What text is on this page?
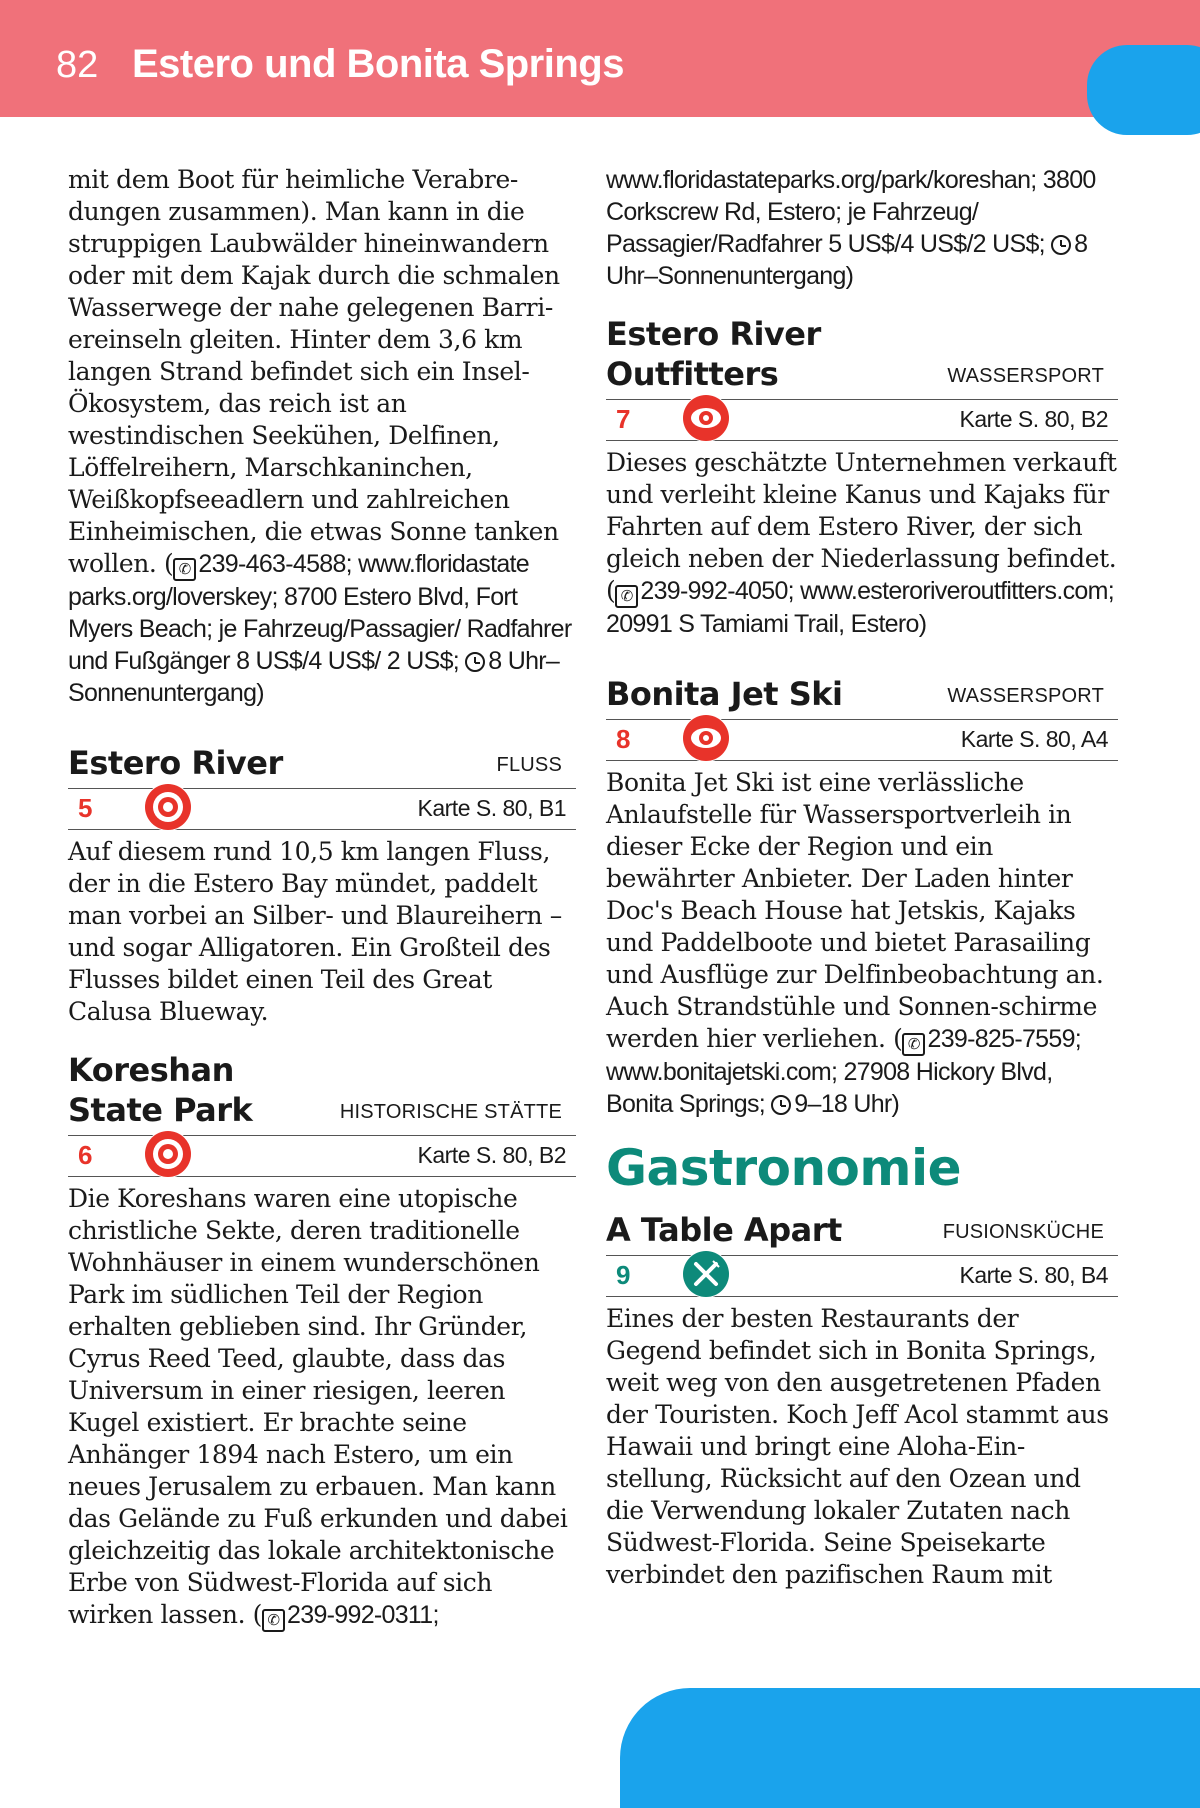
82 Estero und Bonita Springs

mit dem Boot für heimliche Verabre-dungen zusammen). Man kann in die struppigen Laubwälder hineinwandern oder mit dem Kajak durch die schmalen Wasserwege der nahe gelegenen Barri-ereinseln gleiten. Hinter dem 3,6 km langen Strand befindet sich ein Insel-Ökosystem, das reich ist an westindischen Seekühen, Delfinen, Löffelreihern, Marschkaninchen, Weißkopfseeadlern und zahlreichen Einheimischen, die etwas Sonne tanken wollen. ( ✆ 239-463-4588; www.floridastate parks.org/loverskey; 8700 Estero Blvd, Fort Myers Beach; je Fahrzeug/Passagier/ Radfahrer und Fußgänger 8 US$/4 US$/ 2 US$; 8 Uhr–Sonnenuntergang)

Estero River	FLUSS
5	Karte S. 80, B1

Auf diesem rund 10,5 km langen Fluss, der in die Estero Bay mündet, paddelt man vorbei an Silber- und Blaureihern – und sogar Alligatoren. Ein Großteil des Flusses bildet einen Teil des Great Calusa Blueway.

Koreshan
State Park	HISTORISCHE STÄTTE
6	Karte S. 80, B2

Die Koreshans waren eine utopische christliche Sekte, deren traditionelle Wohnhäuser in einem wunderschönen Park im südlichen Teil der Region erhalten geblieben sind. Ihr Gründer, Cyrus Reed Teed, glaubte, dass das Universum in einer riesigen, leeren Kugel existiert. Er brachte seine Anhänger 1894 nach Estero, um ein neues Jerusalem zu erbauen. Man kann das Gelände zu Fuß erkunden und dabei gleichzeitig das lokale architektonische Erbe von Südwest-Florida auf sich wirken lassen. ( ✆ 239-992-0311;

www.floridastateparks.org/park/koreshan; 3800 Corkscrew Rd, Estero; je Fahrzeug/ Passagier/Radfahrer 5 US$/4 US$/2 US$; 8 Uhr–Sonnenuntergang)

Estero River
Outfitters	WASSERSPORT
7	Karte S. 80, B2

Dieses geschätzte Unternehmen verkauft und verleiht kleine Kanus und Kajaks für Fahrten auf dem Estero River, der sich gleich neben der Niederlassung befindet. ( ✆ 239-992-4050; www.esteroriveroutfitters.com; 20991 S Tamiami Trail, Estero)

Bonita Jet Ski	WASSERSPORT
8	Karte S. 80, A4

Bonita Jet Ski ist eine verlässliche Anlaufstelle für Wassersportverleih in dieser Ecke der Region und ein bewährter Anbieter. Der Laden hinter Doc's Beach House hat Jetskis, Kajaks und Paddelboote und bietet Parasailing und Ausflüge zur Delfinbeobachtung an. Auch Strandstühle und Sonnen-schirme werden hier verliehen. ( ✆ 239-825-7559; www.bonitajetski.com; 27908 Hickory Blvd, Bonita Springs; 9–18 Uhr)

Gastronomie
A Table Apart	FUSIONSKÜCHE
9	Karte S. 80, B4

Eines der besten Restaurants der Gegend befindet sich in Bonita Springs, weit weg von den ausgetretenen Pfaden der Touristen. Koch Jeff Acol stammt aus Hawaii und bringt eine Aloha-Ein-stellung, Rücksicht auf den Ozean und die Verwendung lokaler Zutaten nach Südwest-Florida. Seine Speisekarte verbindet den pazifischen Raum mit
